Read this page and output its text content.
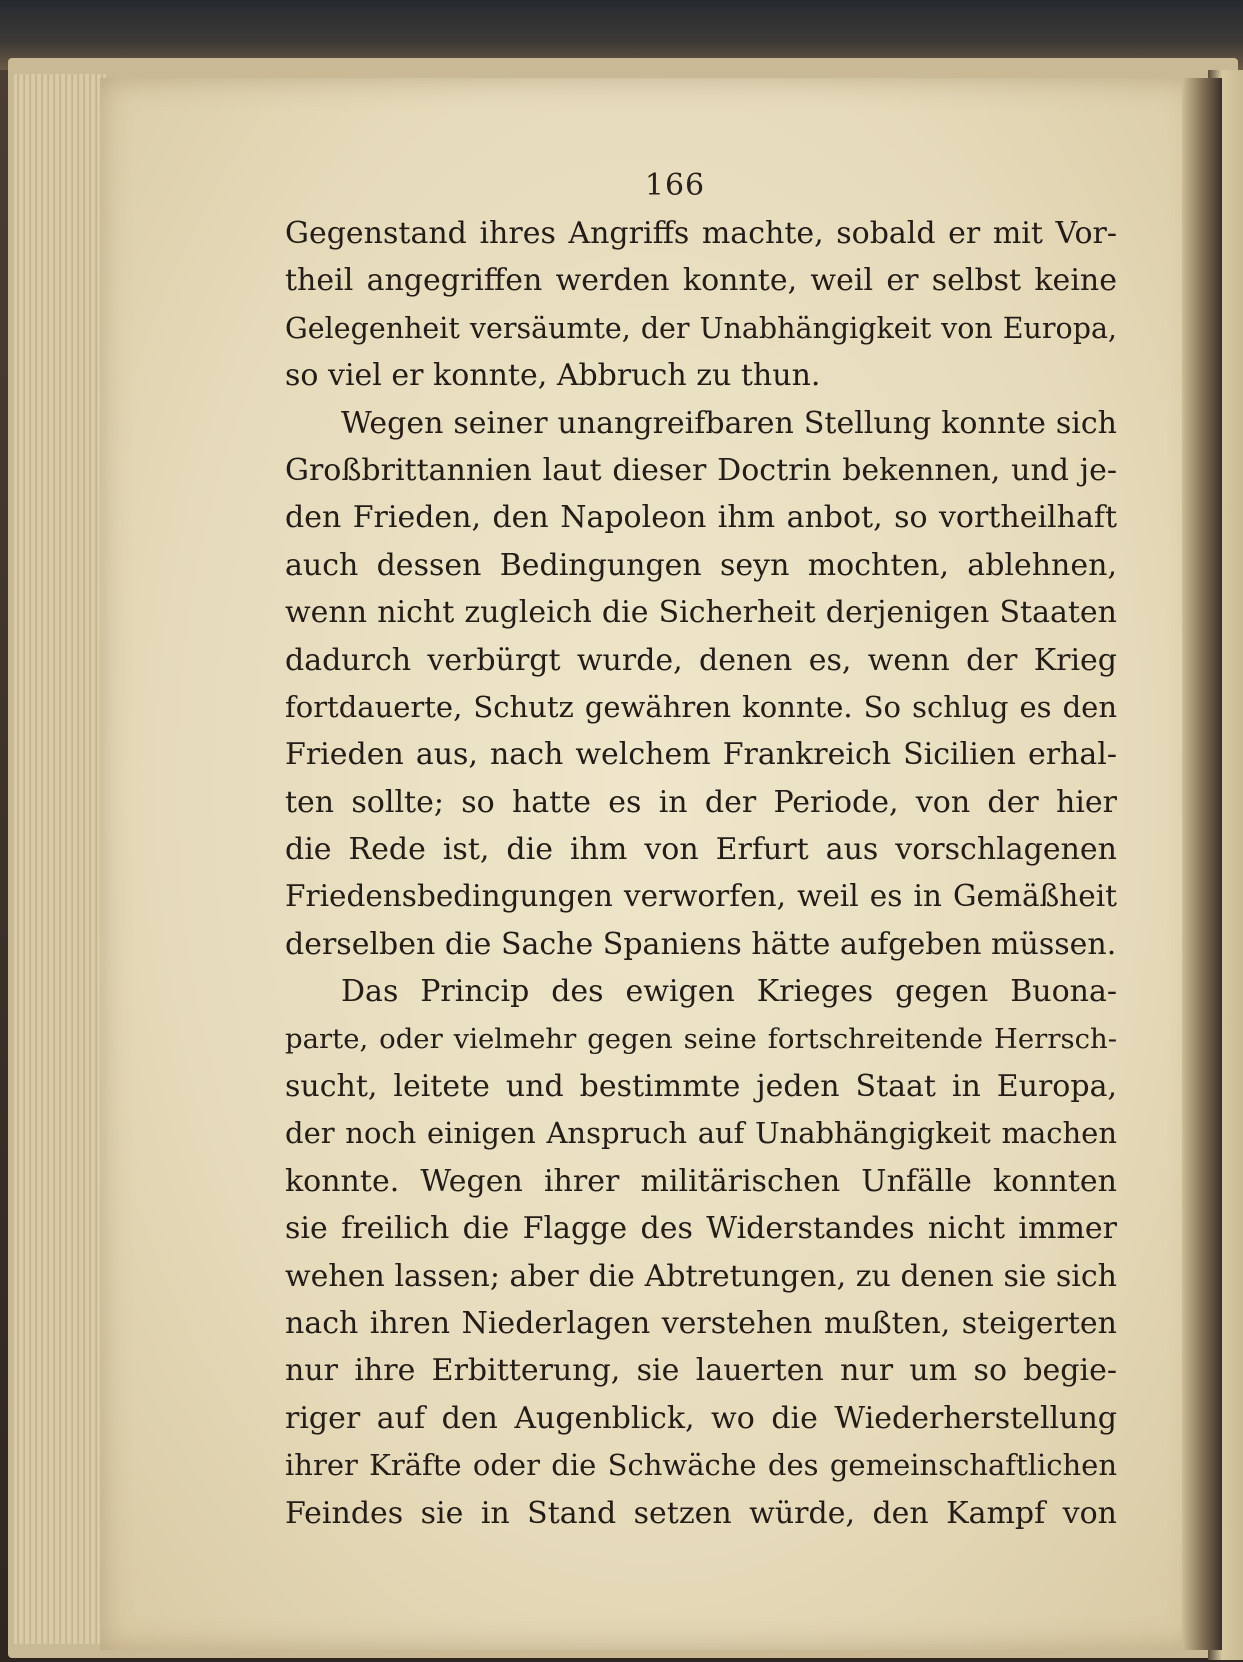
166
Gegenstand ihres Angriffs machte, sobald er mit Vor-
theil angegriffen werden konnte, weil er selbst keine
Gelegenheit versäumte, der Unabhängigkeit von Europa,
so viel er konnte, Abbruch zu thun.
Wegen seiner unangreifbaren Stellung konnte sich
Großbrittannien laut dieser Doctrin bekennen, und je-
den Frieden, den Napoleon ihm anbot, so vortheilhaft
auch dessen Bedingungen seyn mochten, ablehnen,
wenn nicht zugleich die Sicherheit derjenigen Staaten
dadurch verbürgt wurde, denen es, wenn der Krieg
fortdauerte, Schutz gewähren konnte. So schlug es den
Frieden aus, nach welchem Frankreich Sicilien erhal-
ten sollte; so hatte es in der Periode, von der hier
die Rede ist, die ihm von Erfurt aus vorschlagenen
Friedensbedingungen verworfen, weil es in Gemäßheit
derselben die Sache Spaniens hätte aufgeben müssen.
Das Princip des ewigen Krieges gegen Buona-
parte, oder vielmehr gegen seine fortschreitende Herrsch-
sucht, leitete und bestimmte jeden Staat in Europa,
der noch einigen Anspruch auf Unabhängigkeit machen
konnte. Wegen ihrer militärischen Unfälle konnten
sie freilich die Flagge des Widerstandes nicht immer
wehen lassen; aber die Abtretungen, zu denen sie sich
nach ihren Niederlagen verstehen mußten, steigerten
nur ihre Erbitterung, sie lauerten nur um so begie-
riger auf den Augenblick, wo die Wiederherstellung
ihrer Kräfte oder die Schwäche des gemeinschaftlichen
Feindes sie in Stand setzen würde, den Kampf von
